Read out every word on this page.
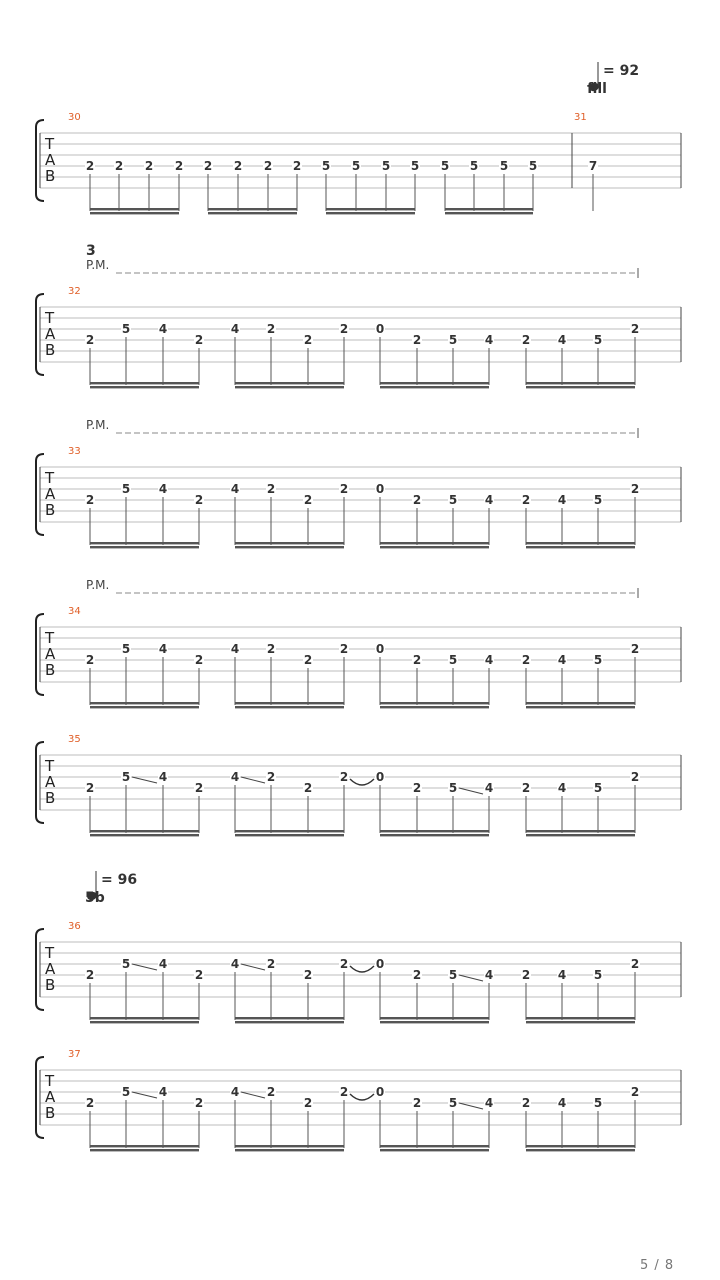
= 92
fill
= 96
5b
T
A
B
30
2 2 2 2 2 2 2 2 5 5 5 5 5 5 5 5
31
7
T
A
B
P.M.
3
32
2
5 4
2
4 2
2
2 0
2 5 4 2 4 5
2
T
A
B
P.M.
33
2
5 4
2
4 2
2
2 0
2 5 4 2 4 5
2
T
A
B
P.M.
34
2
5 4
2
4 2
2
2 0
2 5 4 2 4 5
2
T
A
B
35
2
5 4
2
4 2
2
2 0
2 5 4 2 4 5
2
T
A
B
36
2
5 4
2
4 2
2
2 0
2 5 4 2 4 5
2
T
A
B
37
2
5 4
2
4 2
2
2 0
2 5 4 2 4 5
2
5 / 8
